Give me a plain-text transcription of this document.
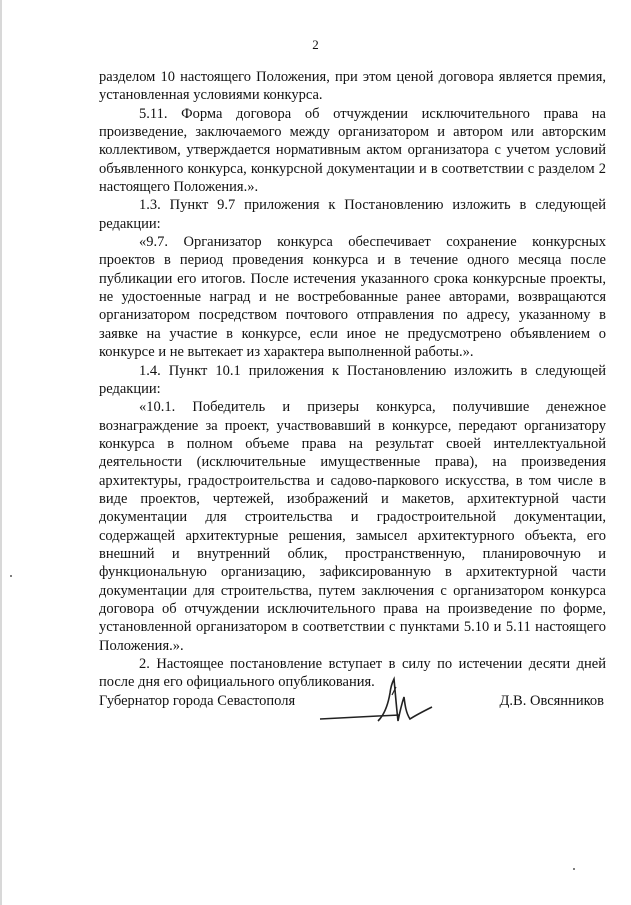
2

разделом 10 настоящего Положения, при этом ценой договора является премия, установленная условиями конкурса.

5.11. Форма договора об отчуждении исключительного права на произведение, заключаемого между организатором и автором или авторским коллективом, утверждается нормативным актом организатора с учетом условий объявленного конкурса, конкурсной документации и в соответствии с разделом 2 настоящего Положения.».

1.3. Пункт 9.7 приложения к Постановлению изложить в следующей редакции:

«9.7. Организатор конкурса обеспечивает сохранение конкурсных проектов в период проведения конкурса и в течение одного месяца после публикации его итогов. После истечения указанного срока конкурсные проекты, не удостоенные наград и не востребованные ранее авторами, возвращаются организатором посредством почтового отправления по адресу, указанному в заявке на участие в конкурсе, если иное не предусмотрено объявлением о конкурсе и не вытекает из характера выполненной работы.».

1.4. Пункт 10.1 приложения к Постановлению изложить в следующей редакции:

«10.1. Победитель и призеры конкурса, получившие денежное вознаграждение за проект, участвовавший в конкурсе, передают организатору конкурса в полном объеме права на результат своей интеллектуальной деятельности (исключительные имущественные права), на произведения архитектуры, градостроительства и садово-паркового искусства, в том числе в виде проектов, чертежей, изображений и макетов, архитектурной части документации для строительства и градостроительной документации, содержащей архитектурные решения, замысел архитектурного объекта, его внешний и внутренний облик, пространственную, планировочную и функциональную организацию, зафиксированную в архитектурной части документации для строительства, путем заключения с организатором конкурса договора об отчуждении исключительного права на произведение по форме, установленной организатором в соответствии с пунктами 5.10 и 5.11 настоящего Положения.».

2. Настоящее постановление вступает в силу по истечении десяти дней после дня его официального опубликования.

Губернатор города Севастополя	Д.В. Овсянников
